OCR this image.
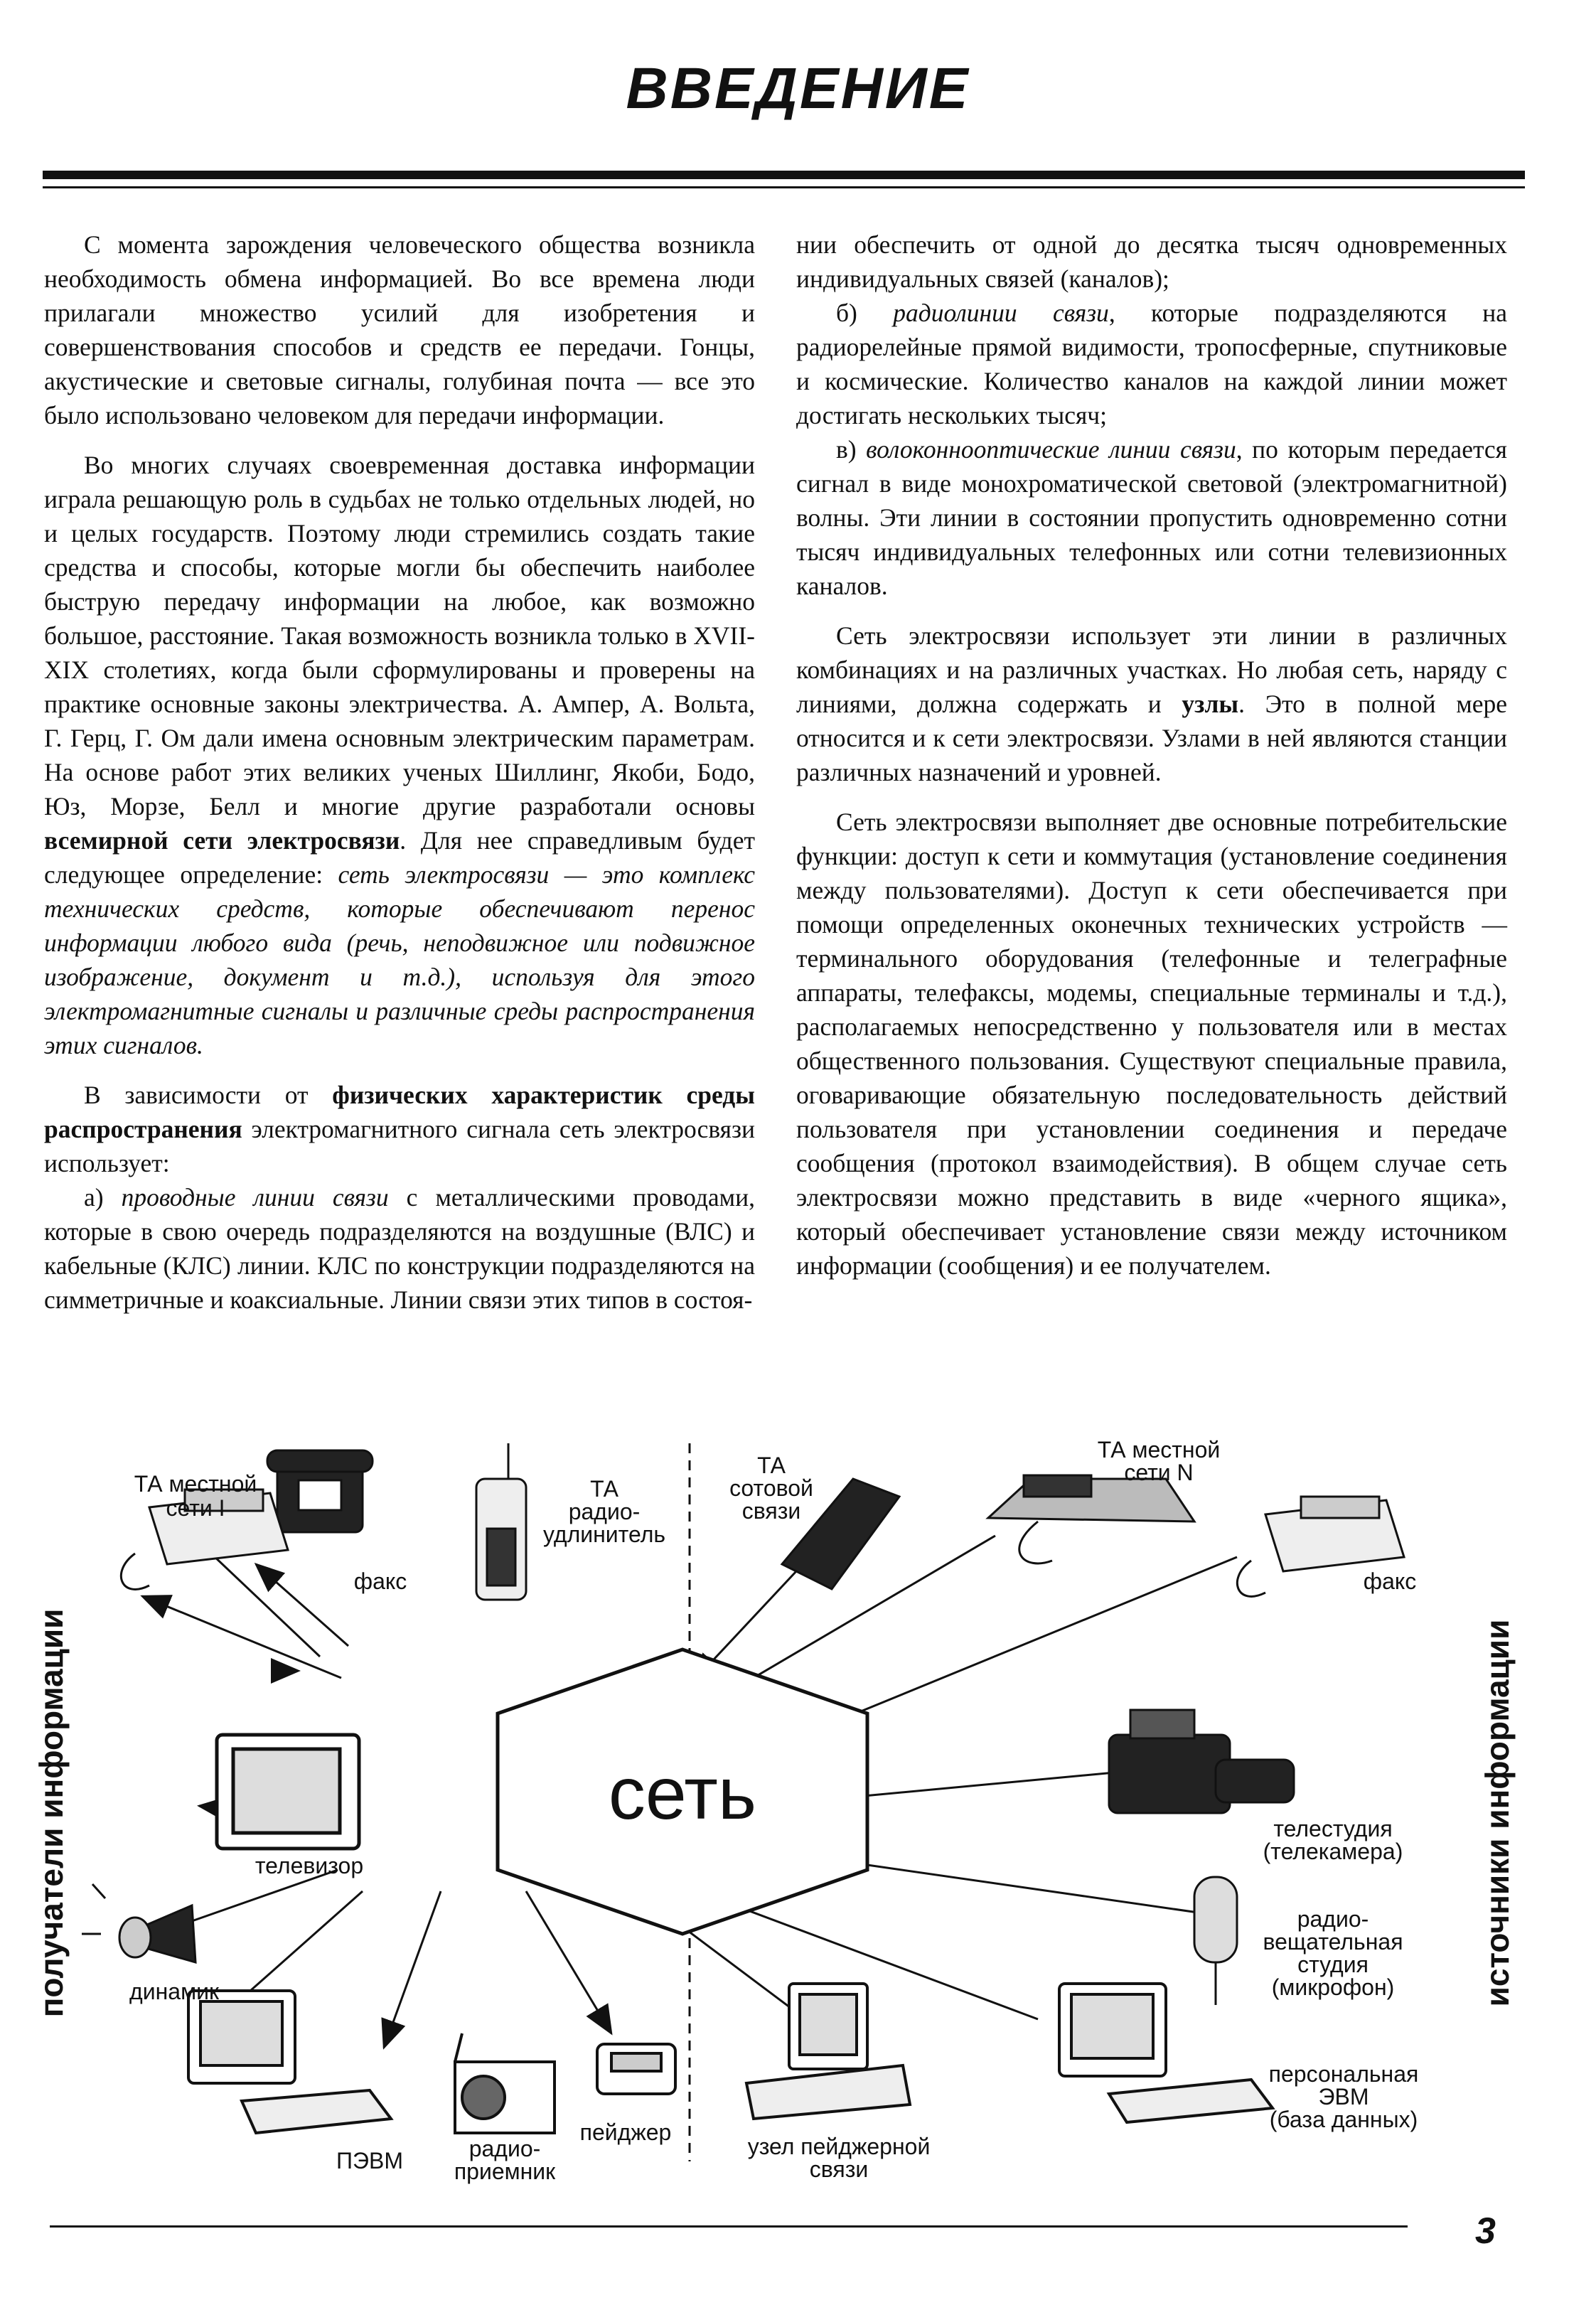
ВВЕДЕНИЕ

С момента зарождения человеческого общества возникла необходимость обмена информацией. Во все времена люди прилагали множество усилий для изобретения и совершенствования способов и средств ее передачи. Гонцы, акустические и световые сигналы, голубиная почта — все это было использовано человеком для передачи информации.

Во многих случаях своевременная доставка информации играла решающую роль в судьбах не только отдельных людей, но и целых государств. Поэтому люди стремились создать такие средства и способы, которые могли бы обеспечить наиболее быструю передачу информации на любое, как возможно большое, расстояние. Такая возможность возникла только в XVII-XIX столетиях, когда были сформулированы и проверены на практике основные законы электричества. А. Ампер, А. Вольта, Г. Герц, Г. Ом дали имена основным электрическим параметрам. На основе работ этих великих ученых Шиллинг, Якоби, Бодо, Юз, Морзе, Белл и многие другие разработали основы всемирной сети электросвязи. Для нее справедливым будет следующее определение: сеть электросвязи — это комплекс технических средств, которые обеспечивают перенос информации любого вида (речь, неподвижное или подвижное изображение, документ и т.д.), используя для этого электромагнитные сигналы и различные среды распространения этих сигналов.

В зависимости от физических характеристик среды распространения электромагнитного сигнала сеть электросвязи использует:

а) проводные линии связи с металлическими проводами, которые в свою очередь подразделяются на воздушные (ВЛС) и кабельные (КЛС) линии. КЛС по конструкции подразделяются на симметричные и коаксиальные. Линии связи этих типов в состоя-

нии обеспечить от одной до десятка тысяч одновременных индивидуальных связей (каналов);

б) радиолинии связи, которые подразделяются на радиорелейные прямой видимости, тропосферные, спутниковые и космические. Количество каналов на каждой линии может достигать нескольких тысяч;

в) волоконнооптические линии связи, по которым передается сигнал в виде монохроматической световой (электромагнитной) волны. Эти линии в состоянии пропустить одновременно сотни тысяч индивидуальных телефонных или сотни телевизионных каналов.

Сеть электросвязи использует эти линии в различных комбинациях и на различных участках. Но любая сеть, наряду с линиями, должна содержать и узлы. Это в полной мере относится и к сети электросвязи. Узлами в ней являются станции различных назначений и уровней.

Сеть электросвязи выполняет две основные потребительские функции: доступ к сети и коммутация (установление соединения между пользователями). Доступ к сети обеспечивается при помощи определенных оконечных технических устройств — терминального оборудования (телефонные и телеграфные аппараты, телефаксы, модемы, специальные терминалы и т.д.), располагаемых непосредственно у пользователя или в местах общественного пользования. Существуют специальные правила, оговаривающие обязательную последовательность действий пользователя при установлении соединения и передаче сообщения (протокол взаимодействия). В общем случае сеть электросвязи можно представить в виде «черного ящика», который обеспечивает установление связи между источником информации (сообщения) и ее получателем.

сеть
получатели информации	источники информации
ТА местной
сети I
ТА
радио-
удлинитель
ТА
сотовой
связи
ТА местной
сети N
факс	факс
телевизор
телестудия
(телекамера)
динамик
радио-
вещательная
студия
(микрофон)
ПЭВМ	радио-
приемник
пейджер
узел пейджерной
связи
персональная
ЭВМ
(база данных)
3
